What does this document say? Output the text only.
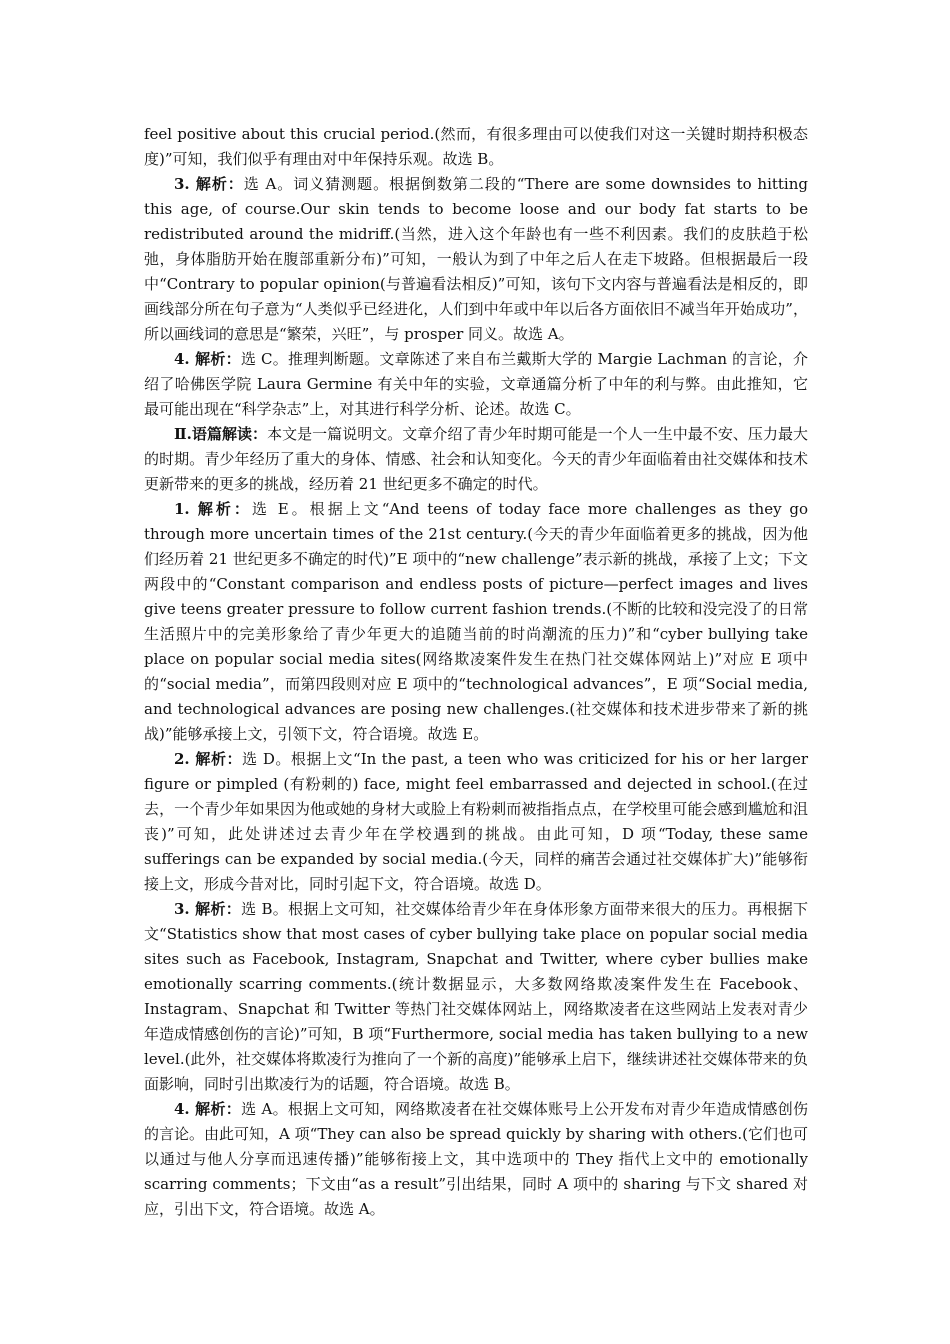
feel positive about this crucial period.(然而，有很多理由可以使我们对这一关键时期持积极态度)”可知，我们似乎有理由对中年保持乐观。故选 B。

3. 解析：选 A。词义猜测题。根据倒数第二段的“There are some downsides to hitting this age, of course.Our skin tends to become loose and our body fat starts to be redistributed around the midriff.(当然，进入这个年龄也有一些不利因素。我们的皮肤趋于松弛，身体脂肪开始在腹部重新分布)”可知，一般认为到了中年之后人在走下坡路。但根据最后一段中“Contrary to popular opinion(与普遍看法相反)”可知，该句下文内容与普遍看法是相反的，即画线部分所在句子意为“人类似乎已经进化，人们到中年或中年以后各方面依旧不减当年开始成功”，所以画线词的意思是“繁荣，兴旺”，与 prosper 同义。故选 A。

4. 解析：选 C。推理判断题。文章陈述了来自布兰戴斯大学的 Margie Lachman 的言论，介绍了哈佛医学院 Laura Germine 有关中年的实验，文章通篇分析了中年的利与弊。由此推知，它最可能出现在“科学杂志”上，对其进行科学分析、论述。故选 C。

Ⅱ.语篇解读：本文是一篇说明文。文章介绍了青少年时期可能是一个人一生中最不安、压力最大的时期。青少年经历了重大的身体、情感、社会和认知变化。今天的青少年面临着由社交媒体和技术更新带来的更多的挑战，经历着 21 世纪更多不确定的时代。

1. 解析：选 E。根据上文“And teens of today face more challenges as they go through more uncertain times of the 21st century.(今天的青少年面临着更多的挑战，因为他们经历着 21 世纪更多不确定的时代)”E 项中的“new challenge”表示新的挑战，承接了上文；下文两段中的“Constant comparison and endless posts of picture—perfect images and lives give teens greater pressure to follow current fashion trends.(不断的比较和没完没了的日常生活照片中的完美形象给了青少年更大的追随当前的时尚潮流的压力)”和“cyber bullying take place on popular social media sites(网络欺凌案件发生在热门社交媒体网站上)”对应 E 项中的“social media”，而第四段则对应 E 项中的“technological advances”，E 项“Social media, and technological advances are posing new challenges.(社交媒体和技术进步带来了新的挑战)”能够承接上文，引领下文，符合语境。故选 E。

2. 解析：选 D。根据上文“In the past, a teen who was criticized for his or her larger figure or pimpled (有粉刺的) face, might feel embarrassed and dejected in school.(在过去，一个青少年如果因为他或她的身材大或脸上有粉刺而被指指点点，在学校里可能会感到尴尬和沮丧)”可知，此处讲述过去青少年在学校遇到的挑战。由此可知，D 项“Today, these same sufferings can be expanded by social media.(今天，同样的痛苦会通过社交媒体扩大)”能够衔接上文，形成今昔对比，同时引起下文，符合语境。故选 D。

3. 解析：选 B。根据上文可知，社交媒体给青少年在身体形象方面带来很大的压力。再根据下文“Statistics show that most cases of cyber bullying take place on popular social media sites such as Facebook, Instagram, Snapchat and Twitter, where cyber bullies make emotionally scarring comments.(统计数据显示，大多数网络欺凌案件发生在 Facebook、Instagram、Snapchat 和 Twitter 等热门社交媒体网站上，网络欺凌者在这些网站上发表对青少年造成情感创伤的言论)”可知，B 项“Furthermore, social media has taken bullying to a new level.(此外，社交媒体将欺凌行为推向了一个新的高度)”能够承上启下，继续讲述社交媒体带来的负面影响，同时引出欺凌行为的话题，符合语境。故选 B。

4. 解析：选 A。根据上文可知，网络欺凌者在社交媒体账号上公开发布对青少年造成情感创伤的言论。由此可知，A 项“They can also be spread quickly by sharing with others.(它们也可以通过与他人分享而迅速传播)”能够衔接上文，其中选项中的 They 指代上文中的 emotionally scarring comments；下文由“as a result”引出结果，同时 A 项中的 sharing 与下文 shared 对应，引出下文，符合语境。故选 A。
